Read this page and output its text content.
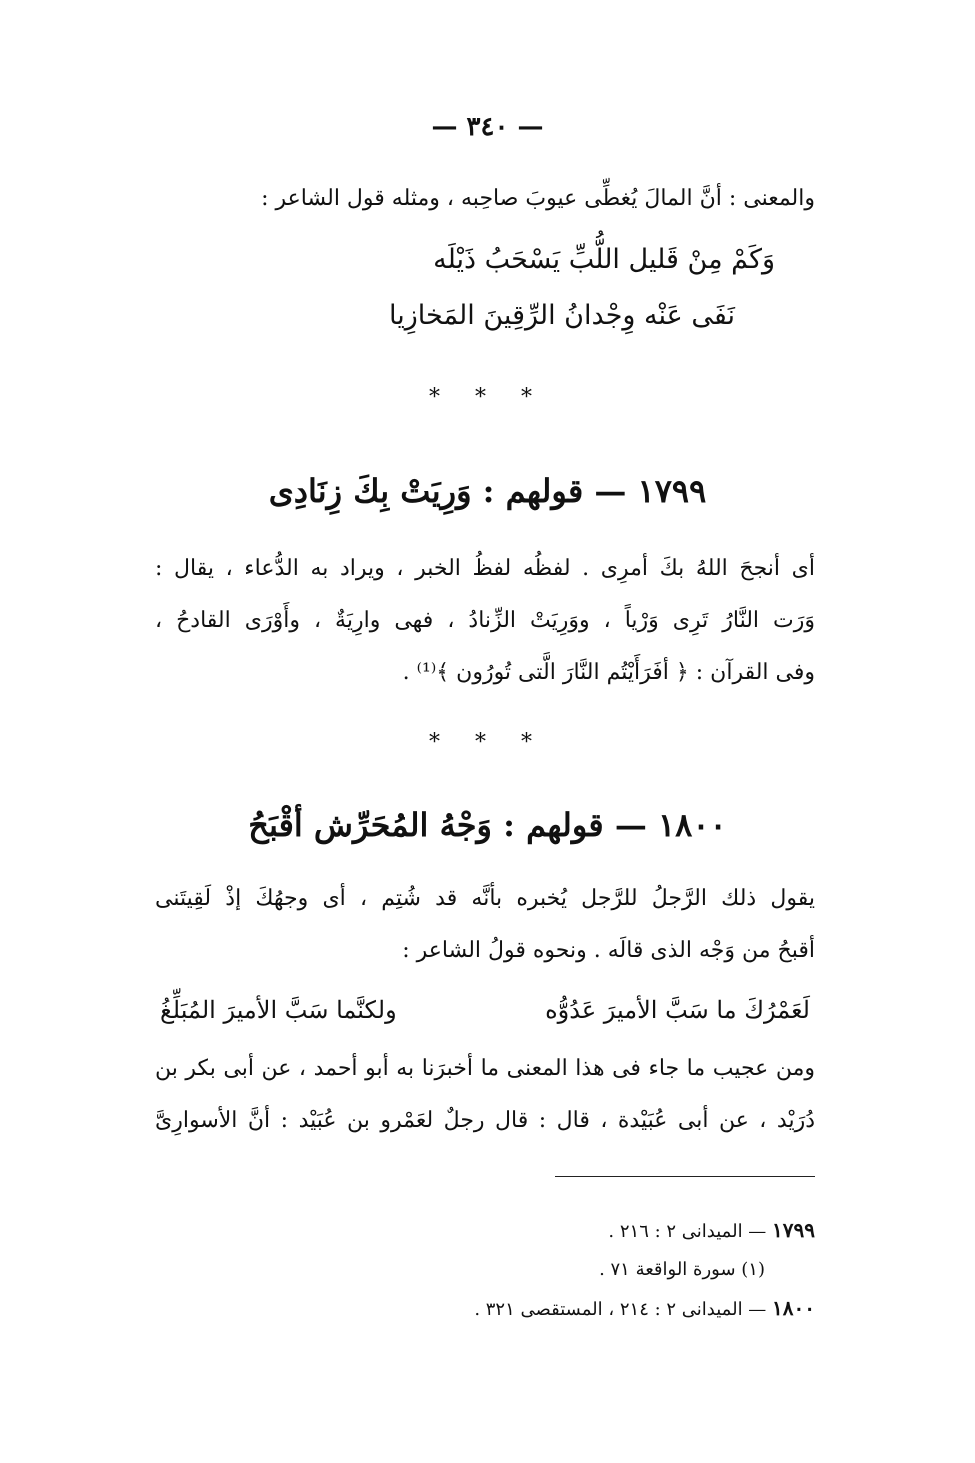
— ٣٤٠ —
والمعنى : أنَّ المالَ يُغطِّى عيوبَ صاحِبه ، ومثله قول الشاعر :
وَكَمْ مِنْ قَليل اللُّبِّ يَسْحَبُ ذَيْلَه
نَفَى عَنْه وِجْدانُ الرِّقِينَ المَخازِيا
* * *
١٧٩٩ — قولهم : وَرِيَتْ بِكَ زِنَادِى
أى أنجحَ اللهُ بكَ أمرِى . لفظُه لفظُ الخبر ، ويراد به الدُّعاء ، يقال :
وَرَت النَّارُ تَرِى وَرْياً ، ووَرِيَتْ الزِّنادُ ، فهى وارِيَةٌ ، وأَوْرَى القادحُ ،
وفى القرآن : ﴿ أفَرَأَيْتُم النَّارَ الَّتى تُورُون ﴾⁽¹⁾ .
* * *
١٨٠٠ — قولهم : وَجْهُ المُحَرِّش أقْبَحُ
يقول ذلك الرَّجلُ للرَّجل يُخبره بأنَّه قد شُتِم ، أى وجهُكَ إذْ لَقِيتَنى
أقبحُ من وَجْه الذى قالَه . ونحوه قولُ الشاعر :
لَعَمْرُكَ ما سَبَّ الأميرَ عَدُوُّه
ولكنَّما سَبَّ الأميرَ المُبَلِّغُ
ومن عجيب ما جاء فى هذا المعنى ما أخبرَنا به أبو أحمد ، عن أبى بكر بن
دُرَيْد ، عن أبى عُبَيْدة ، قال : قال رجلٌ لعَمْرو بن عُبَيْد : أنَّ الأسوارِىَّ
١٧٩٩ — الميدانى ٢ : ٢١٦ .
(١) سورة الواقعة ٧١ .
١٨٠٠ — الميدانى ٢ : ٢١٤ ، المستقصى ٣٢١ .
